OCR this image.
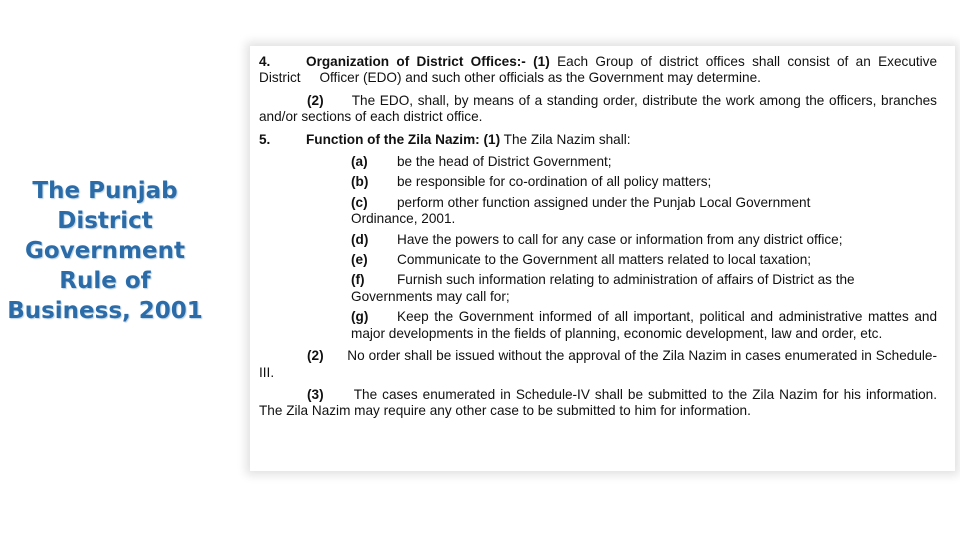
The Punjab
District
Government
Rule of
Business, 2001

4.	Organization of District Offices:- (1) Each Group of district offices shall consist of an Executive District Officer (EDO) and such other officials as the Government may determine.

(2) The EDO, shall, by means of a standing order, distribute the work among the officers, branches and/or sections of each district office.

5.	Function of the Zila Nazim: (1) The Zila Nazim shall:

(a) be the head of District Government;

(b) be responsible for co-ordination of all policy matters;

(c) perform other function assigned under the Punjab Local Government
Ordinance, 2001.

(d) Have the powers to call for any case or information from any district office;

(e) Communicate to the Government all matters related to local taxation;

(f) Furnish such information relating to administration of affairs of District as the
Governments may call for;

(g) Keep the Government informed of all important, political and administrative mattes and major developments in the fields of planning, economic development, law and order, etc.

(2) No order shall be issued without the approval of the Zila Nazim in cases enumerated in Schedule-III.

(3) The cases enumerated in Schedule-IV shall be submitted to the Zila Nazim for his information. The Zila Nazim may require any other case to be submitted to him for information.
